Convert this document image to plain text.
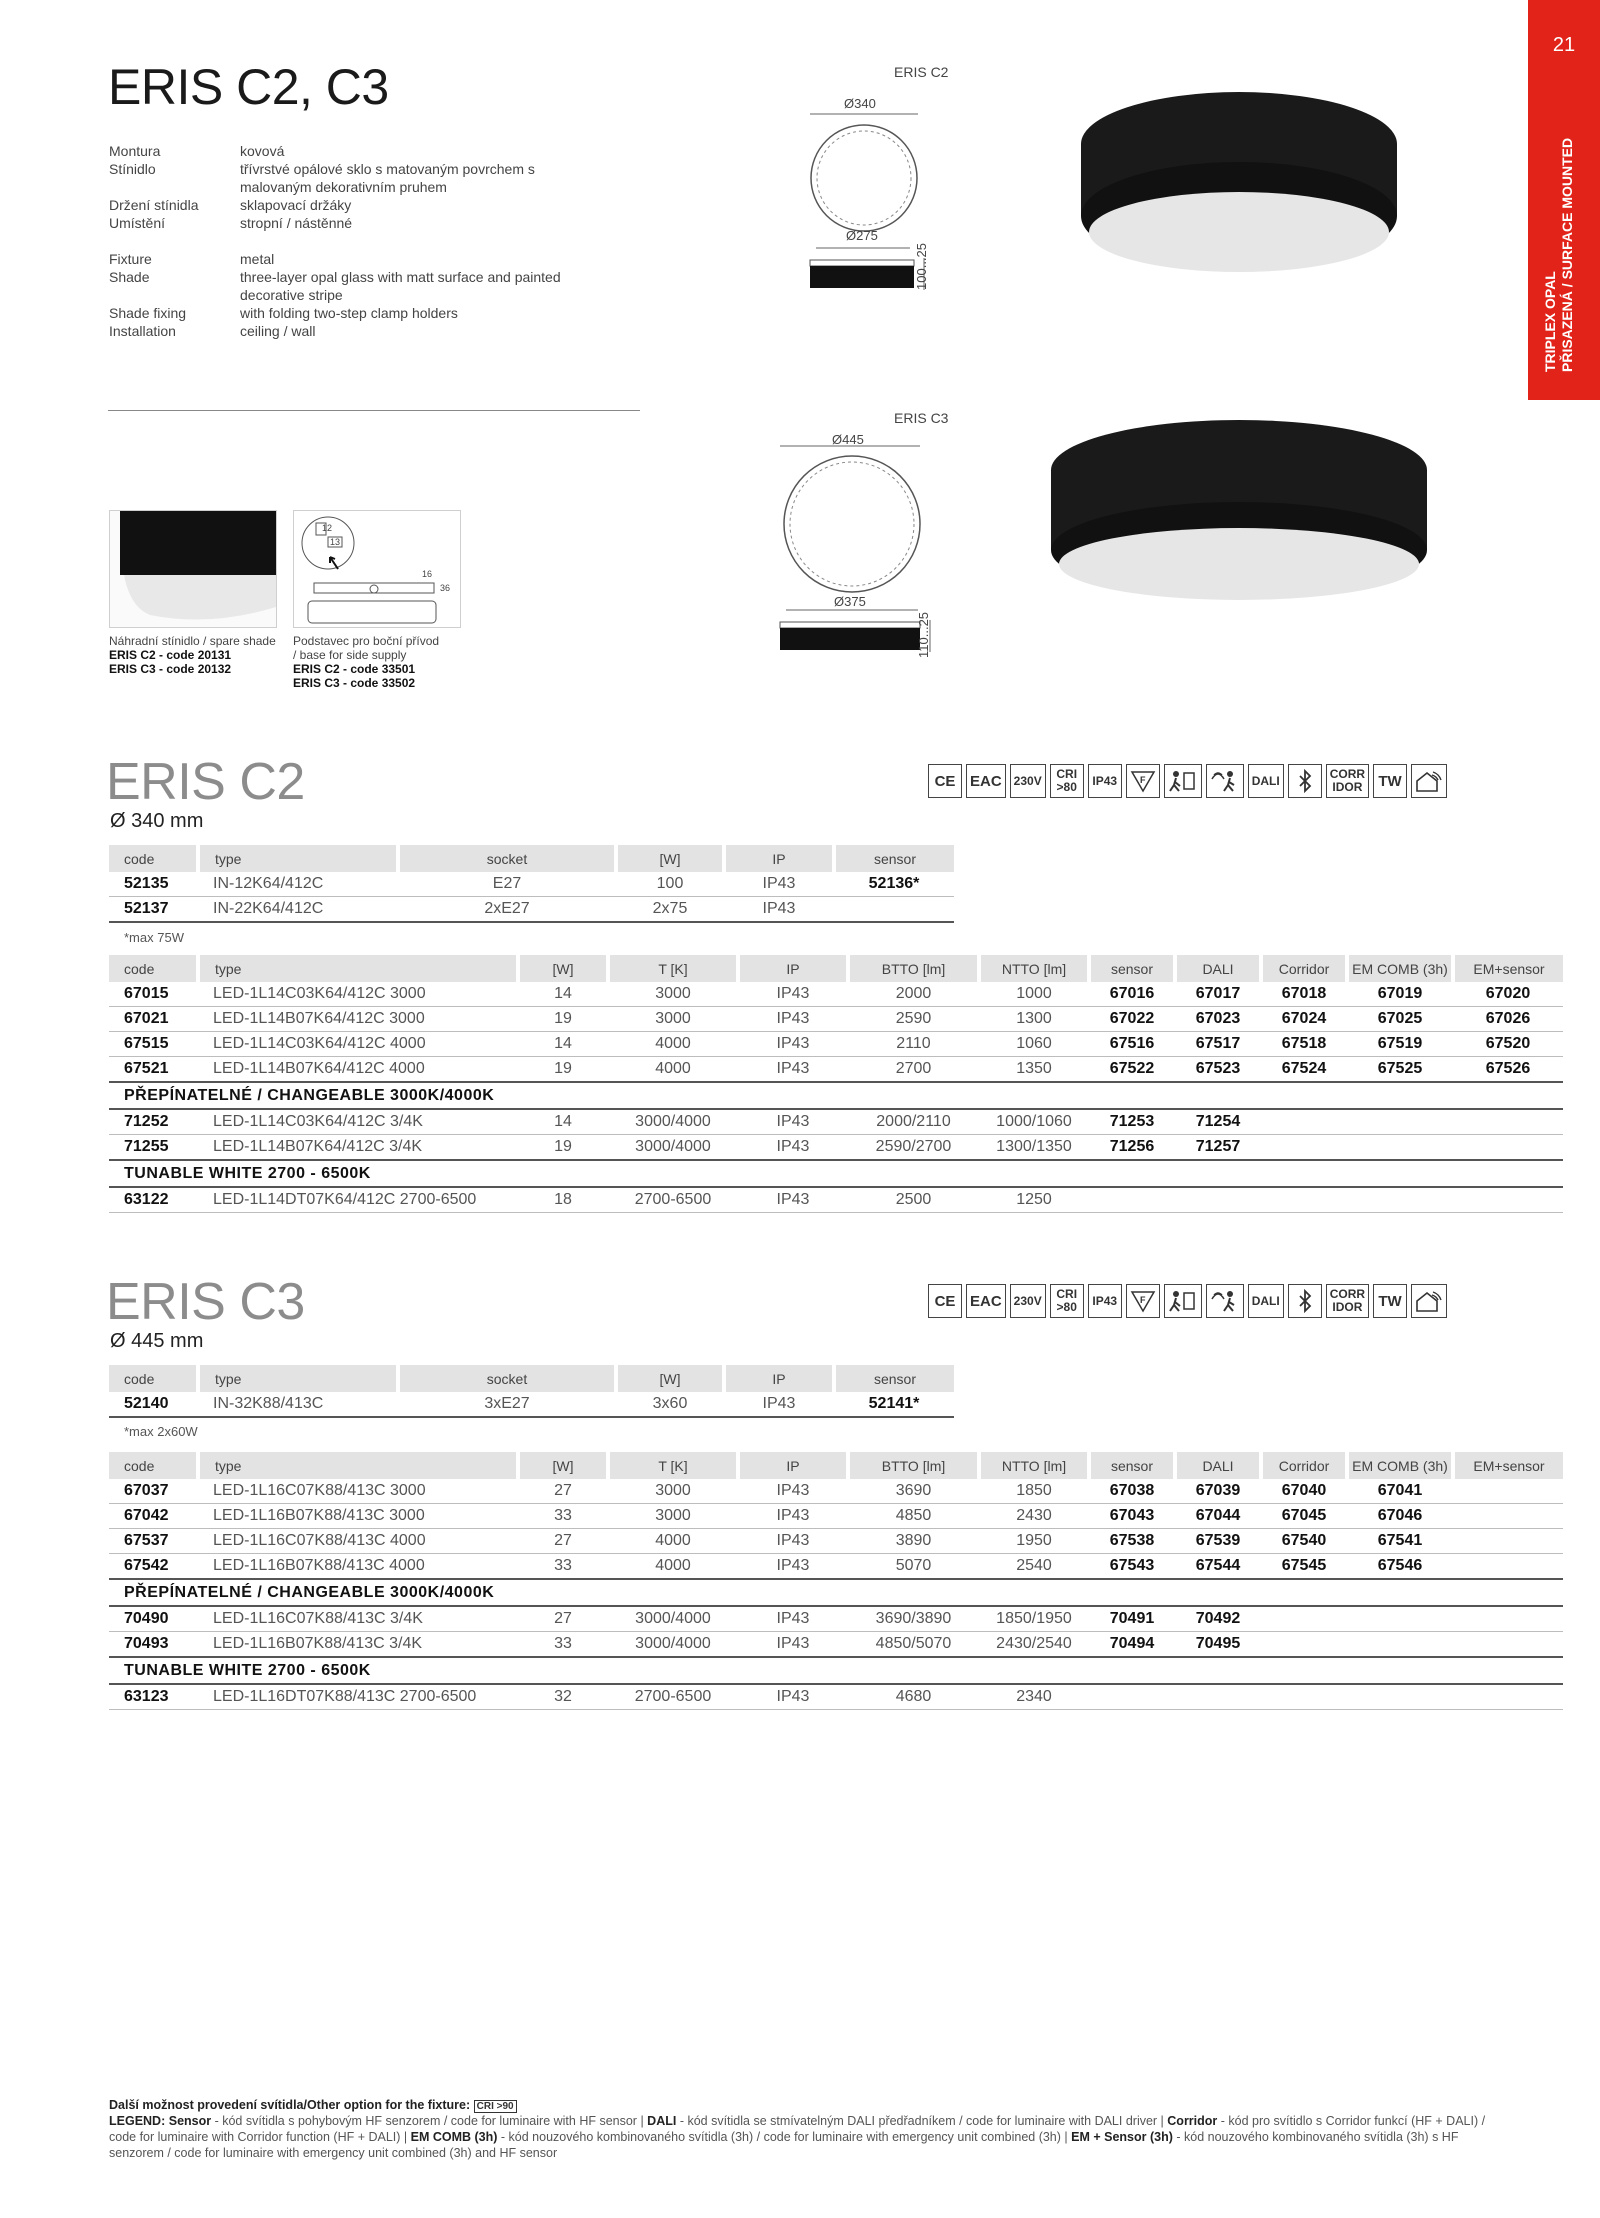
21
TRIPLEX OPAL PŘISAZENÁ / SURFACE MOUNTED
ERIS C2, C3
Montura	kovová
Stínidlo	třívrstvé opálové sklo s matovaným povrchem s malovaným dekorativním pruhem
Držení stínidla	sklapovací držáky
Umístění	stropní / nástěnné
Fixture	metal
Shade	three-layer opal glass with matt surface and painted decorative stripe
Shade fixing	with folding two-step clamp holders
Installation	ceiling / wall
Náhradní stínidlo / spare shade
ERIS C2 - code 20131
ERIS C3 - code 20132
12
13
16
36
Podstavec pro boční přívod
/ base for side supply
ERIS C2 - code 33501
ERIS C3 - code 33502
ERIS C2
Ø340
Ø275
100...25
ERIS C3
Ø445
Ø375
110...25
ERIS C2
Ø 340 mm
CE EAC	230V	CRI
>80	IP43	F	DALI	CORR
IDOR	TW
code	type	socket	[W]	IP	sensor
52135	IN-12K64/412C	E27	100	IP43	52136*
52137	IN-22K64/412C	2xE27	2x75	IP43	
*max 75W
code	type	[W]	T [K]	IP	BTTO [lm]	NTTO [lm]	sensor	DALI	Corridor	EM COMB (3h)	EM+sensor
67015	LED-1L14C03K64/412C 3000	14	3000	IP43	2000	1000	67016	67017	67018	67019	67020
67021	LED-1L14B07K64/412C 3000	19	3000	IP43	2590	1300	67022	67023	67024	67025	67026
67515	LED-1L14C03K64/412C 4000	14	4000	IP43	2110	1060	67516	67517	67518	67519	67520
67521	LED-1L14B07K64/412C 4000	19	4000	IP43	2700	1350	67522	67523	67524	67525	67526
PŘEPÍNATELNÉ / CHANGEABLE 3000K/4000K											
71252	LED-1L14C03K64/412C 3/4K	14	3000/4000	IP43	2000/2110	1000/1060	71253	71254			
71255	LED-1L14B07K64/412C 3/4K	19	3000/4000	IP43	2590/2700	1300/1350	71256	71257			
TUNABLE WHITE 2700 - 6500K											
63122	LED-1L14DT07K64/412C 2700-6500	18	2700-6500	IP43	2500	1250					
ERIS C3
Ø 445 mm
CE EAC	230V	CRI
>80	IP43	F	DALI	CORR
IDOR	TW
code	type	socket	[W]	IP	sensor
52140	IN-32K88/413C	3xE27	3x60	IP43	52141*
*max 2x60W
code	type	[W]	T [K]	IP	BTTO [lm]	NTTO [lm]	sensor	DALI	Corridor	EM COMB (3h)	EM+sensor
67037	LED-1L16C07K88/413C 3000	27	3000	IP43	3690	1850	67038	67039	67040	67041	
67042	LED-1L16B07K88/413C 3000	33	3000	IP43	4850	2430	67043	67044	67045	67046	
67537	LED-1L16C07K88/413C 4000	27	4000	IP43	3890	1950	67538	67539	67540	67541	
67542	LED-1L16B07K88/413C 4000	33	4000	IP43	5070	2540	67543	67544	67545	67546	
PŘEPÍNATELNÉ / CHANGEABLE 3000K/4000K											
70490	LED-1L16C07K88/413C 3/4K	27	3000/4000	IP43	3690/3890	1850/1950	70491	70492			
70493	LED-1L16B07K88/413C 3/4K	33	3000/4000	IP43	4850/5070	2430/2540	70494	70495			
TUNABLE WHITE 2700 - 6500K											
63123	LED-1L16DT07K88/413C 2700-6500	32	2700-6500	IP43	4680	2340					
Další možnost provedení svítidla/Other option for the fixture: CRI >90
LEGEND: Sensor - kód svítidla s pohybovým HF senzorem / code for luminaire with HF sensor | DALI - kód svítidla se stmívatelným DALI předřadníkem / code for luminaire with DALI driver | Corridor - kód pro svítidlo s Corridor funkcí (HF + DALI) / code for luminaire with Corridor function (HF + DALI) | EM COMB (3h) - kód nouzového kombinovaného svítidla (3h) / code for luminaire with emergency unit combined (3h) | EM + Sensor (3h) - kód nouzového kombinovaného svítidla (3h) s HF senzorem / code for luminaire with emergency unit combined (3h) and HF sensor
